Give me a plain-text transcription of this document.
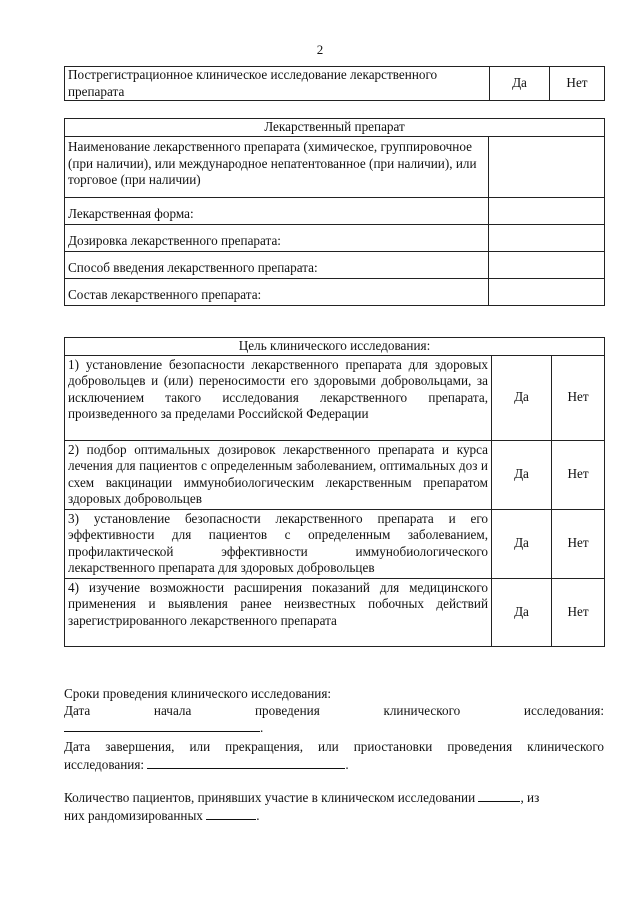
2
Пострегистрационное клиническое исследование лекарственного препарата	Да	Нет
Лекарственный препарат	
Наименование лекарственного препарата (химическое, группировочное (при наличии), или международное непатентованное (при наличии), или торговое (при наличии)	
Лекарственная форма:	
Дозировка лекарственного препарата:	
Способ введения лекарственного препарата:	
Состав лекарственного препарата:	
Цель клинического исследования:		
1) установление безопасности лекарственного препарата для здоровых добровольцев и (или) переносимости его здоровыми добровольцами, за исключением такого исследования лекарственного препарата, произведенного за пределами Российской Федерации	Да	Нет
2) подбор оптимальных дозировок лекарственного препарата и курса лечения для пациентов с определенным заболеванием, оптимальных доз и схем вакцинации иммунобиологическим лекарственным препаратом здоровых добровольцев	Да	Нет
3) установление безопасности лекарственного препарата и его эффективности для пациентов с определенным заболеванием, профилактической эффективности иммунобиологического лекарственного препарата для здоровых добровольцев	Да	Нет
4) изучение возможности расширения показаний для медицинского применения и выявления ранее неизвестных побочных действий зарегистрированного лекарственного препарата	Да	Нет
Сроки проведения клинического исследования:
Дата начала проведения клинического исследования:
.
Дата завершения, или прекращения, или приостановки проведения клинического
исследования:	.
Количество пациентов, принявших участие в клиническом исследовании	, из
них рандомизированных	.
